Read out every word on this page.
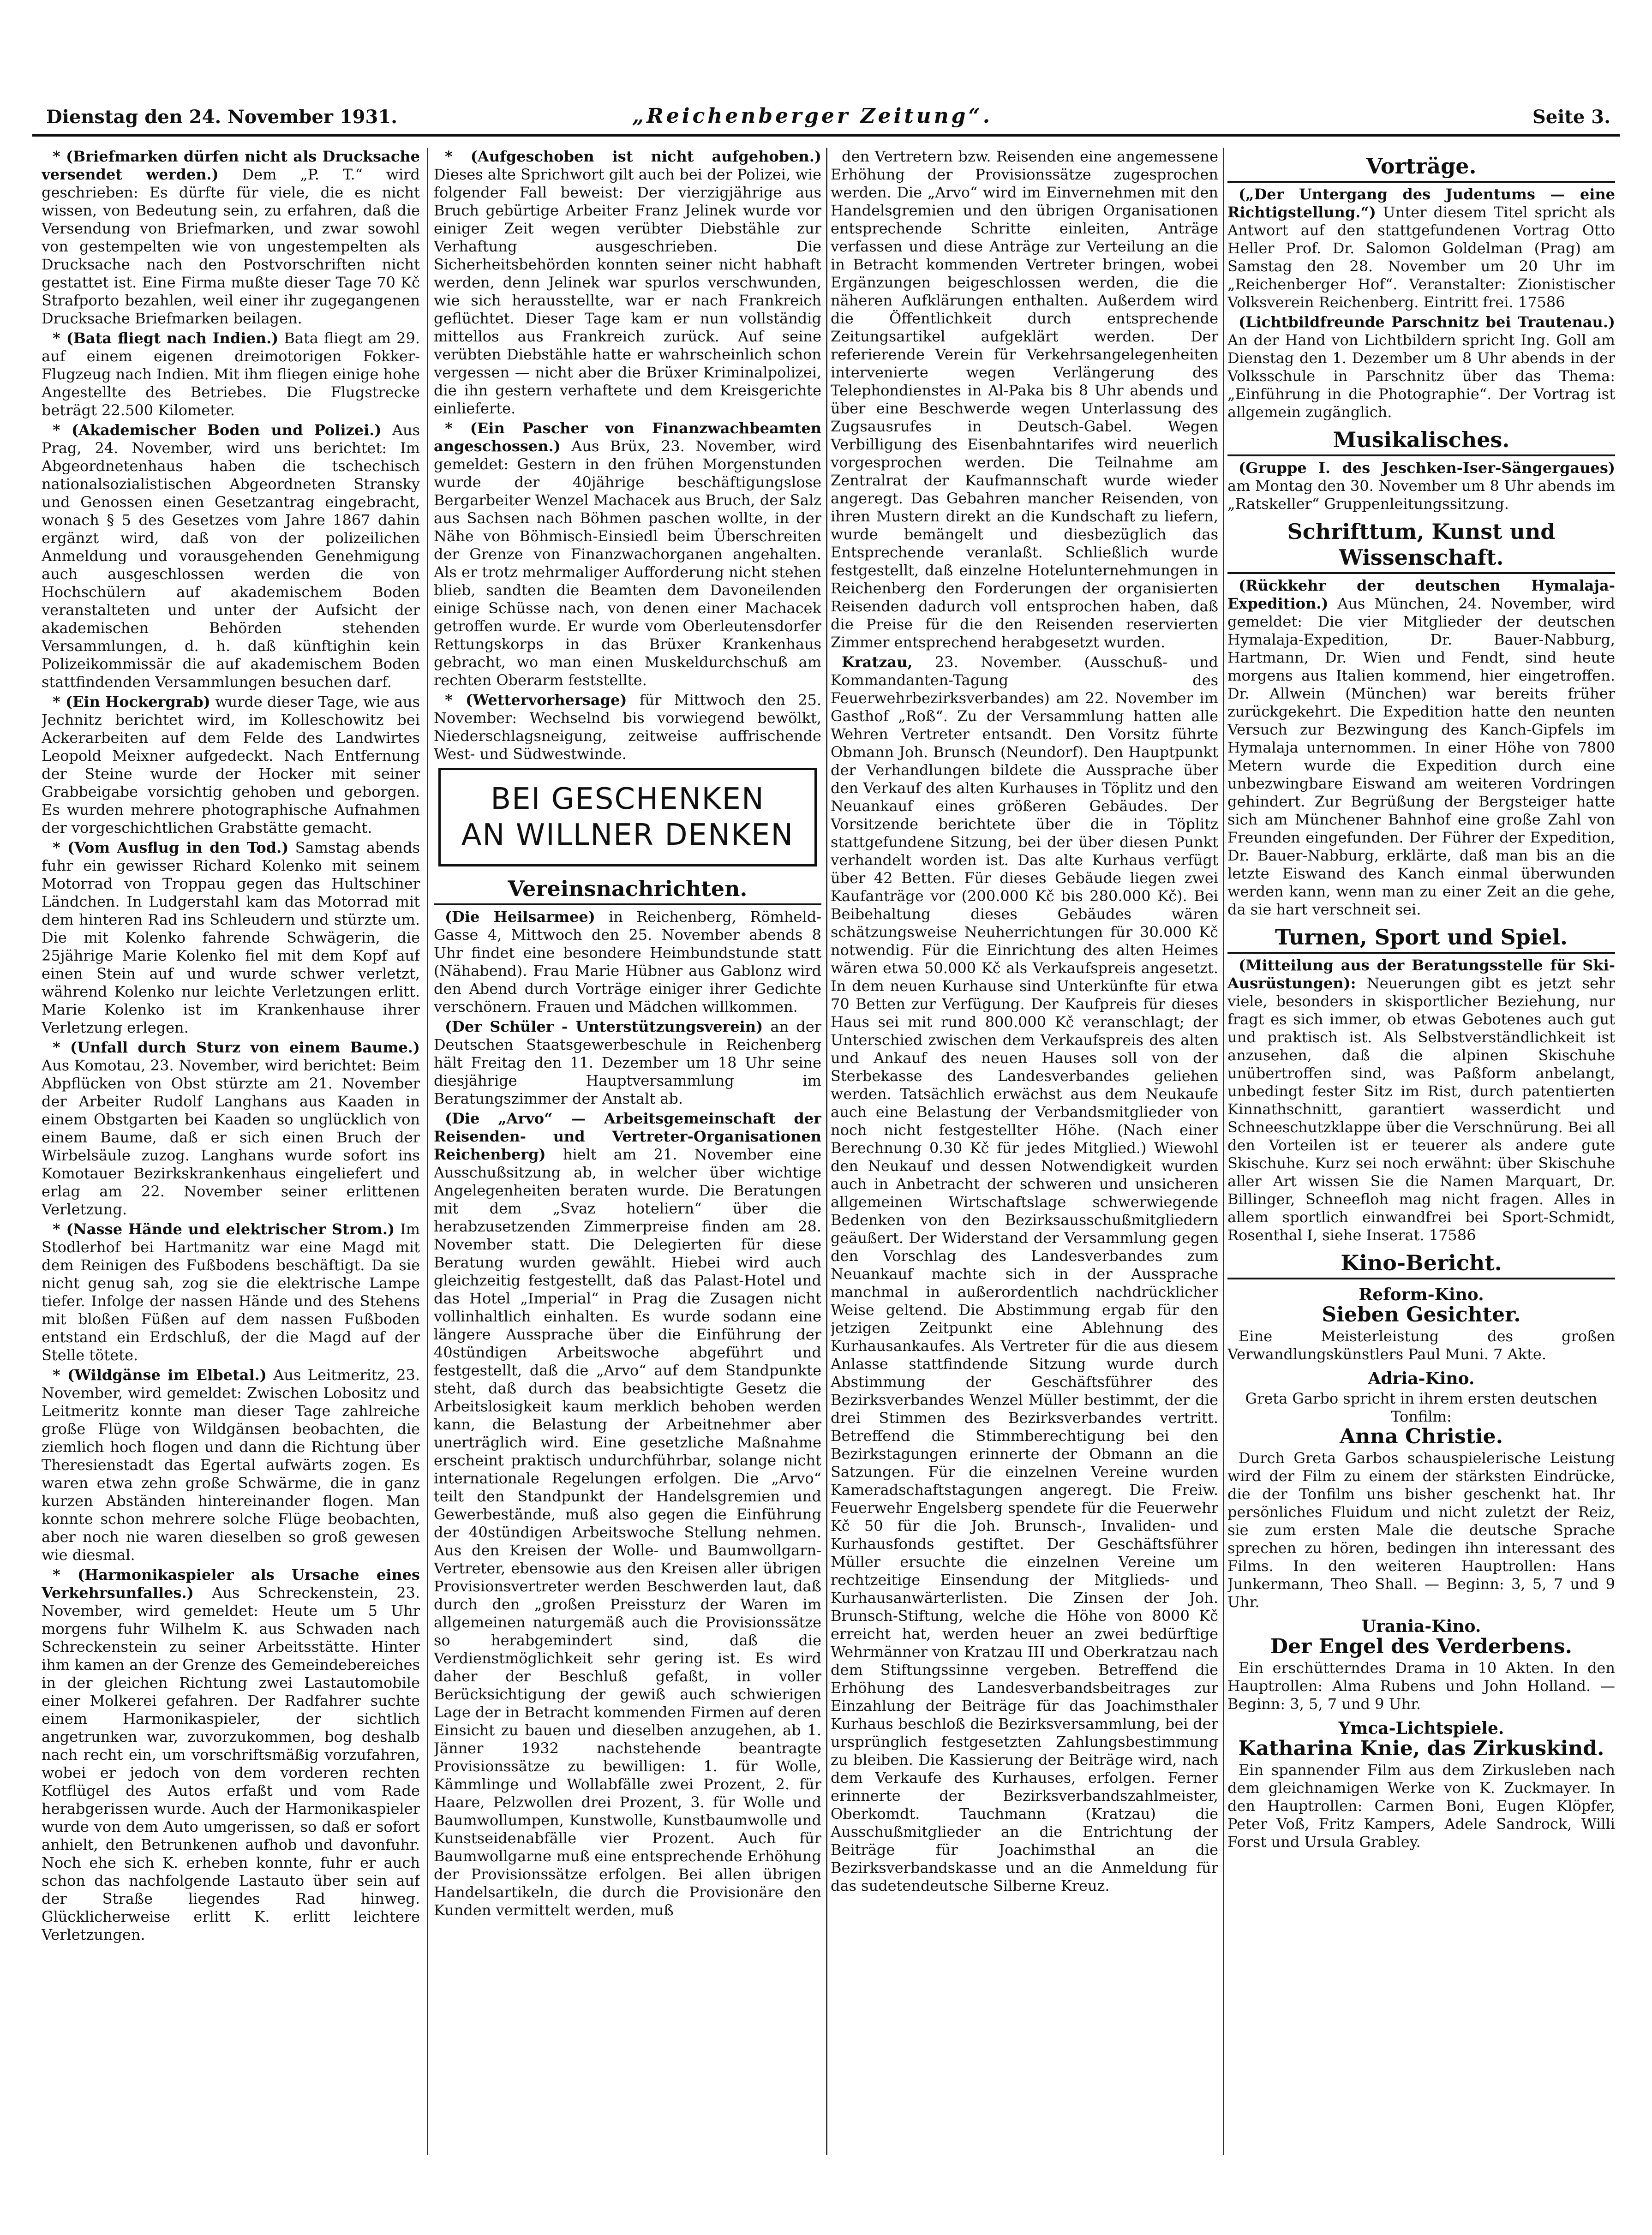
Dienstag den 24. November 1931.	„Reichenberger Zeitung“.	Seite 3.

* (Briefmarken dürfen nicht als Drucksache versendet werden.) Dem „P. T.“ wird geschrieben: Es dürfte für viele, die es nicht wissen, von Bedeutung sein, zu erfahren, daß die Versendung von Briefmarken, und zwar sowohl von gestempelten wie von ungestempelten als Drucksache nach den Postvorschriften nicht gestattet ist. Eine Firma mußte dieser Tage 70 Kč Strafporto bezahlen, weil einer ihr zugegangenen Drucksache Briefmarken beilagen.

* (Bata fliegt nach Indien.) Bata fliegt am 29. auf einem eigenen dreimotorigen Fokker-Flugzeug nach Indien. Mit ihm fliegen einige hohe Angestellte des Betriebes. Die Flugstrecke beträgt 22.500 Kilometer.

* (Akademischer Boden und Polizei.) Aus Prag, 24. November, wird uns berichtet: Im Abgeordnetenhaus haben die tschechisch nationalsozialistischen Abgeordneten Stransky und Genossen einen Gesetzantrag eingebracht, wonach § 5 des Gesetzes vom Jahre 1867 dahin ergänzt wird, daß von der polizeilichen Anmeldung und vorausgehenden Genehmigung auch ausgeschlossen werden die von Hochschülern auf akademischem Boden veranstalteten und unter der Aufsicht der akademischen Behörden stehenden Versammlungen, d. h. daß künftighin kein Polizeikommissär die auf akademischem Boden stattfindenden Versammlungen besuchen darf.

* (Ein Hockergrab) wurde dieser Tage, wie aus Jechnitz berichtet wird, im Kolleschowitz bei Ackerarbeiten auf dem Felde des Landwirtes Leopold Meixner aufgedeckt. Nach Entfernung der Steine wurde der Hocker mit seiner Grabbeigabe vorsichtig gehoben und geborgen. Es wurden mehrere photographische Aufnahmen der vorgeschichtlichen Grabstätte gemacht.

* (Vom Ausflug in den Tod.) Samstag abends fuhr ein gewisser Richard Kolenko mit seinem Motorrad von Troppau gegen das Hultschiner Ländchen. In Ludgerstahl kam das Motorrad mit dem hinteren Rad ins Schleudern und stürzte um. Die mit Kolenko fahrende Schwägerin, die 25jährige Marie Kolenko fiel mit dem Kopf auf einen Stein auf und wurde schwer verletzt, während Kolenko nur leichte Verletzungen erlitt. Marie Kolenko ist im Krankenhause ihrer Verletzung erlegen.

* (Unfall durch Sturz von einem Baume.) Aus Komotau, 23. November, wird berichtet: Beim Abpflücken von Obst stürzte am 21. November der Arbeiter Rudolf Langhans aus Kaaden in einem Obstgarten bei Kaaden so unglücklich von einem Baume, daß er sich einen Bruch der Wirbelsäule zuzog. Langhans wurde sofort ins Komotauer Bezirkskrankenhaus eingeliefert und erlag am 22. November seiner erlittenen Verletzung.

* (Nasse Hände und elektrischer Strom.) Im Stodlerhof bei Hartmanitz war eine Magd mit dem Reinigen des Fußbodens beschäftigt. Da sie nicht genug sah, zog sie die elektrische Lampe tiefer. Infolge der nassen Hände und des Stehens mit bloßen Füßen auf dem nassen Fußboden entstand ein Erdschluß, der die Magd auf der Stelle tötete.

* (Wildgänse im Elbetal.) Aus Leitmeritz, 23. November, wird gemeldet: Zwischen Lobositz und Leitmeritz konnte man dieser Tage zahlreiche große Flüge von Wildgänsen beobachten, die ziemlich hoch flogen und dann die Richtung über Theresienstadt das Egertal aufwärts zogen. Es waren etwa zehn große Schwärme, die in ganz kurzen Abständen hintereinander flogen. Man konnte schon mehrere solche Flüge beobachten, aber noch nie waren dieselben so groß gewesen wie diesmal.

* (Harmonikaspieler als Ursache eines Verkehrsunfalles.) Aus Schreckenstein, 23. November, wird gemeldet: Heute um 5 Uhr morgens fuhr Wilhelm K. aus Schwaden nach Schreckenstein zu seiner Arbeitsstätte. Hinter ihm kamen an der Grenze des Gemeindebereiches in der gleichen Richtung zwei Lastautomobile einer Molkerei gefahren. Der Radfahrer suchte einem Harmonikaspieler, der sichtlich angetrunken war, zuvorzukommen, bog deshalb nach recht ein, um vorschriftsmäßig vorzufahren, wobei er jedoch von dem vorderen rechten Kotflügel des Autos erfaßt und vom Rade herabgerissen wurde. Auch der Harmonikaspieler wurde von dem Auto umgerissen, so daß er sofort anhielt, den Betrunkenen aufhob und davonfuhr. Noch ehe sich K. erheben konnte, fuhr er auch schon das nachfolgende Lastauto über sein auf der Straße liegendes Rad hinweg. Glücklicherweise erlitt K. erlitt leichtere Verletzungen.

* (Aufgeschoben ist nicht aufgehoben.) Dieses alte Sprichwort gilt auch bei der Polizei, wie folgender Fall beweist: Der vierzigjährige aus Bruch gebürtige Arbeiter Franz Jelinek wurde vor einiger Zeit wegen verübter Diebstähle zur Verhaftung ausgeschrieben. Die Sicherheitsbehörden konnten seiner nicht habhaft werden, denn Jelinek war spurlos verschwunden, wie sich herausstellte, war er nach Frankreich geflüchtet. Dieser Tage kam er nun vollständig mittellos aus Frankreich zurück. Auf seine verübten Diebstähle hatte er wahrscheinlich schon vergessen — nicht aber die Brüxer Kriminalpolizei, die ihn gestern verhaftete und dem Kreisgerichte einlieferte.

* (Ein Pascher von Finanzwachbeamten angeschossen.) Aus Brüx, 23. November, wird gemeldet: Gestern in den frühen Morgenstunden wurde der 40jährige beschäftigungslose Bergarbeiter Wenzel Machacek aus Bruch, der Salz aus Sachsen nach Böhmen paschen wollte, in der Nähe von Böhmisch-Einsiedl beim Überschreiten der Grenze von Finanzwachorganen angehalten. Als er trotz mehrmaliger Aufforderung nicht stehen blieb, sandten die Beamten dem Davoneilenden einige Schüsse nach, von denen einer Machacek getroffen wurde. Er wurde vom Oberleutensdorfer Rettungskorps in das Brüxer Krankenhaus gebracht, wo man einen Muskeldurchschuß am rechten Oberarm feststellte.

* (Wettervorhersage) für Mittwoch den 25. November: Wechselnd bis vorwiegend bewölkt, Niederschlagsneigung, zeitweise auffrischende West- und Südwestwinde.

BEI GESCHENKEN
AN WILLNER DENKEN
Vereinsnachrichten.

(Die Heilsarmee) in Reichenberg, Römheld-Gasse 4, Mittwoch den 25. November abends 8 Uhr findet eine besondere Heimbundstunde statt (Nähabend). Frau Marie Hübner aus Gablonz wird den Abend durch Vorträge einiger ihrer Gedichte verschönern. Frauen und Mädchen willkommen.

(Der Schüler - Unterstützungsverein) an der Deutschen Staatsgewerbeschule in Reichenberg hält Freitag den 11. Dezember um 18 Uhr seine diesjährige Hauptversammlung im Beratungszimmer der Anstalt ab.

(Die „Arvo“ — Arbeitsgemeinschaft der Reisenden- und Vertreter-Organisationen Reichenberg) hielt am 21. November eine Ausschußsitzung ab, in welcher über wichtige Angelegenheiten beraten wurde. Die Beratungen mit dem „Svaz hoteliern“ über die herabzusetzenden Zimmerpreise finden am 28. November statt. Die Delegierten für diese Beratung wurden gewählt. Hiebei wird auch gleichzeitig festgestellt, daß das Palast-Hotel und das Hotel „Imperial“ in Prag die Zusagen nicht vollinhaltlich einhalten. Es wurde sodann eine längere Aussprache über die Einführung der 40stündigen Arbeitswoche abgeführt und festgestellt, daß die „Arvo“ auf dem Standpunkte steht, daß durch das beabsichtigte Gesetz die Arbeitslosigkeit kaum merklich behoben werden kann, die Belastung der Arbeitnehmer aber unerträglich wird. Eine gesetzliche Maßnahme erscheint praktisch undurchführbar, solange nicht internationale Regelungen erfolgen. Die „Arvo“ teilt den Standpunkt der Handelsgremien und Gewerbestände, muß also gegen die Einführung der 40stündigen Arbeitswoche Stellung nehmen. Aus den Kreisen der Wolle- und Baumwollgarn-Vertreter, ebensowie aus den Kreisen aller übrigen Provisionsvertreter werden Beschwerden laut, daß durch den „großen Preissturz der Waren im allgemeinen naturgemäß auch die Provisionssätze so herabgemindert sind, daß die Verdienstmöglichkeit sehr gering ist. Es wird daher der Beschluß gefaßt, in voller Berücksichtigung der gewiß auch schwierigen Lage der in Betracht kommenden Firmen auf deren Einsicht zu bauen und dieselben anzugehen, ab 1. Jänner 1932 nachstehende beantragte Provisionssätze zu bewilligen: 1. für Wolle, Kämmlinge und Wollabfälle zwei Prozent, 2. für Haare, Pelzwollen drei Prozent, 3. für Wolle und Baumwollumpen, Kunstwolle, Kunstbaumwolle und Kunstseidenabfälle vier Prozent. Auch für Baumwollgarne muß eine entsprechende Erhöhung der Provisionssätze erfolgen. Bei allen übrigen Handelsartikeln, die durch die Provisionäre den Kunden vermittelt werden, muß

den Vertretern bzw. Reisenden eine angemessene Erhöhung der Provisionssätze zugesprochen werden. Die „Arvo“ wird im Einvernehmen mit den Handelsgremien und den übrigen Organisationen entsprechende Schritte einleiten, Anträge verfassen und diese Anträge zur Verteilung an die in Betracht kommenden Vertreter bringen, wobei Ergänzungen beigeschlossen werden, die die näheren Aufklärungen enthalten. Außerdem wird die Öffentlichkeit durch entsprechende Zeitungsartikel aufgeklärt werden. Der referierende Verein für Verkehrsangelegenheiten intervenierte wegen Verlängerung des Telephondienstes in Al-Paka bis 8 Uhr abends und über eine Beschwerde wegen Unterlassung des Zugsausrufes in Deutsch-Gabel. Wegen Verbilligung des Eisenbahntarifes wird neuerlich vorgesprochen werden. Die Teilnahme am Zentralrat der Kaufmannschaft wurde wieder angeregt. Das Gebahren mancher Reisenden, von ihren Mustern direkt an die Kundschaft zu liefern, wurde bemängelt und diesbezüglich das Entsprechende veranlaßt. Schließlich wurde festgestellt, daß einzelne Hotelunternehmungen in Reichenberg den Forderungen der organisierten Reisenden dadurch voll entsprochen haben, daß die Preise für die den Reisenden reservierten Zimmer entsprechend herabgesetzt wurden.

Kratzau, 23. November. (Ausschuß- und Kommandanten-Tagung des Feuerwehrbezirksverbandes) am 22. November im Gasthof „Roß“. Zu der Versammlung hatten alle Wehren Vertreter entsandt. Den Vorsitz führte Obmann Joh. Brunsch (Neundorf). Den Hauptpunkt der Verhandlungen bildete die Aussprache über den Verkauf des alten Kurhauses in Töplitz und den Neuankauf eines größeren Gebäudes. Der Vorsitzende berichtete über die in Töplitz stattgefundene Sitzung, bei der über diesen Punkt verhandelt worden ist. Das alte Kurhaus verfügt über 42 Betten. Für dieses Gebäude liegen zwei Kaufanträge vor (200.000 Kč bis 280.000 Kč). Bei Beibehaltung dieses Gebäudes wären schätzungsweise Neuherrichtungen für 30.000 Kč notwendig. Für die Einrichtung des alten Heimes wären etwa 50.000 Kč als Verkaufspreis angesetzt. In dem neuen Kurhause sind Unterkünfte für etwa 70 Betten zur Verfügung. Der Kaufpreis für dieses Haus sei mit rund 800.000 Kč veranschlagt; der Unterschied zwischen dem Verkaufspreis des alten und Ankauf des neuen Hauses soll von der Sterbekasse des Landesverbandes geliehen werden. Tatsächlich erwächst aus dem Neukaufe auch eine Belastung der Verbandsmitglieder von noch nicht festgestellter Höhe. (Nach einer Berechnung 0.30 Kč für jedes Mitglied.) Wiewohl den Neukauf und dessen Notwendigkeit wurden auch in Anbetracht der schweren und unsicheren allgemeinen Wirtschaftslage schwerwiegende Bedenken von den Bezirksausschußmitgliedern geäußert. Der Widerstand der Versammlung gegen den Vorschlag des Landesverbandes zum Neuankauf machte sich in der Aussprache manchmal in außerordentlich nachdrücklicher Weise geltend. Die Abstimmung ergab für den jetzigen Zeitpunkt eine Ablehnung des Kurhausankaufes. Als Vertreter für die aus diesem Anlasse stattfindende Sitzung wurde durch Abstimmung der Geschäftsführer des Bezirksverbandes Wenzel Müller bestimmt, der die drei Stimmen des Bezirksverbandes vertritt. Betreffend die Stimmberechtigung bei den Bezirkstagungen erinnerte der Obmann an die Satzungen. Für die einzelnen Vereine wurden Kameradschaftstagungen angeregt. Die Freiw. Feuerwehr Engelsberg spendete für die Feuerwehr Kč 50 für die Joh. Brunsch-, Invaliden- und Kurhausfonds gestiftet. Der Geschäftsführer Müller ersuchte die einzelnen Vereine um rechtzeitige Einsendung der Mitglieds- und Kurhausanwärterlisten. Die Zinsen der Joh. Brunsch-Stiftung, welche die Höhe von 8000 Kč erreicht hat, werden heuer an zwei bedürftige Wehrmänner von Kratzau III und Oberkratzau nach dem Stiftungssinne vergeben. Betreffend die Erhöhung des Landesverbandsbeitrages zur Einzahlung der Beiträge für das Joachimsthaler Kurhaus beschloß die Bezirksversammlung, bei der ursprünglich festgesetzten Zahlungsbestimmung zu bleiben. Die Kassierung der Beiträge wird, nach dem Verkaufe des Kurhauses, erfolgen. Ferner erinnerte der Bezirksverbandszahlmeister, Oberkomdt. Tauchmann (Kratzau) die Ausschußmitglieder an die Entrichtung der Beiträge für Joachimsthal an die Bezirksverbandskasse und an die Anmeldung für das sudetendeutsche Silberne Kreuz.

Vorträge.

(„Der Untergang des Judentums — eine Richtigstellung.“) Unter diesem Titel spricht als Antwort auf den stattgefundenen Vortrag Otto Heller Prof. Dr. Salomon Goldelman (Prag) am Samstag den 28. November um 20 Uhr im „Reichenberger Hof“. Veranstalter: Zionistischer Volksverein Reichenberg. Eintritt frei. 17586

(Lichtbildfreunde Parschnitz bei Trautenau.) An der Hand von Lichtbildern spricht Ing. Goll am Dienstag den 1. Dezember um 8 Uhr abends in der Volksschule in Parschnitz über das Thema: „Einführung in die Photographie“. Der Vortrag ist allgemein zugänglich.

Musikalisches.

(Gruppe I. des Jeschken-Iser-Sängergaues) am Montag den 30. November um 8 Uhr abends im „Ratskeller“ Gruppenleitungssitzung.

Schrifttum, Kunst und Wissenschaft.

(Rückkehr der deutschen Hymalaja-Expedition.) Aus München, 24. November, wird gemeldet: Die vier Mitglieder der deutschen Hymalaja-Expedition, Dr. Bauer-Nabburg, Hartmann, Dr. Wien und Fendt, sind heute morgens aus Italien kommend, hier eingetroffen. Dr. Allwein (München) war bereits früher zurückgekehrt. Die Expedition hatte den neunten Versuch zur Bezwingung des Kanch-Gipfels im Hymalaja unternommen. In einer Höhe von 7800 Metern wurde die Expedition durch eine unbezwingbare Eiswand am weiteren Vordringen gehindert. Zur Begrüßung der Bergsteiger hatte sich am Münchener Bahnhof eine große Zahl von Freunden eingefunden. Der Führer der Expedition, Dr. Bauer-Nabburg, erklärte, daß man bis an die letzte Eiswand des Kanch einmal überwunden werden kann, wenn man zu einer Zeit an die gehe, da sie hart verschneit sei.

Turnen, Sport und Spiel.

(Mitteilung aus der Beratungsstelle für Ski-Ausrüstungen): Neuerungen gibt es jetzt sehr viele, besonders in skisportlicher Beziehung, nur fragt es sich immer, ob etwas Gebotenes auch gut und praktisch ist. Als Selbstverständlichkeit ist anzusehen, daß die alpinen Skischuhe unübertroffen sind, was Paßform anbelangt, unbedingt fester Sitz im Rist, durch patentierten Kinnathschnitt, garantiert wasserdicht und Schneeschutzklappe über die Verschnürung. Bei all den Vorteilen ist er teuerer als andere gute Skischuhe. Kurz sei noch erwähnt: über Skischuhe aller Art wissen Sie die Namen Marquart, Dr. Billinger, Schneefloh mag nicht fragen. Alles in allem sportlich einwandfrei bei Sport-Schmidt, Rosenthal I, siehe Inserat. 17586

Kino-Bericht.
Reform-Kino.
Sieben Gesichter.

Eine Meisterleistung des großen Verwandlungskünstlers Paul Muni. 7 Akte.

Adria-Kino.

Greta Garbo spricht in ihrem ersten deutschen Tonfilm:

Anna Christie.

Durch Greta Garbos schauspielerische Leistung wird der Film zu einem der stärksten Eindrücke, die der Tonfilm uns bisher geschenkt hat. Ihr persönliches Fluidum und nicht zuletzt der Reiz, sie zum ersten Male die deutsche Sprache sprechen zu hören, bedingen ihn interessant des Films. In den weiteren Hauptrollen: Hans Junkermann, Theo Shall. — Beginn: 3, 5, 7 und 9 Uhr.

Urania-Kino.
Der Engel des Verderbens.

Ein erschütterndes Drama in 10 Akten. In den Hauptrollen: Alma Rubens und John Holland. — Beginn: 3, 5, 7 und 9 Uhr.

Ymca-Lichtspiele.
Katharina Knie, das Zirkuskind.

Ein spannender Film aus dem Zirkusleben nach dem gleichnamigen Werke von K. Zuckmayer. In den Hauptrollen: Carmen Boni, Eugen Klöpfer, Peter Voß, Fritz Kampers, Adele Sandrock, Willi Forst und Ursula Grabley.
